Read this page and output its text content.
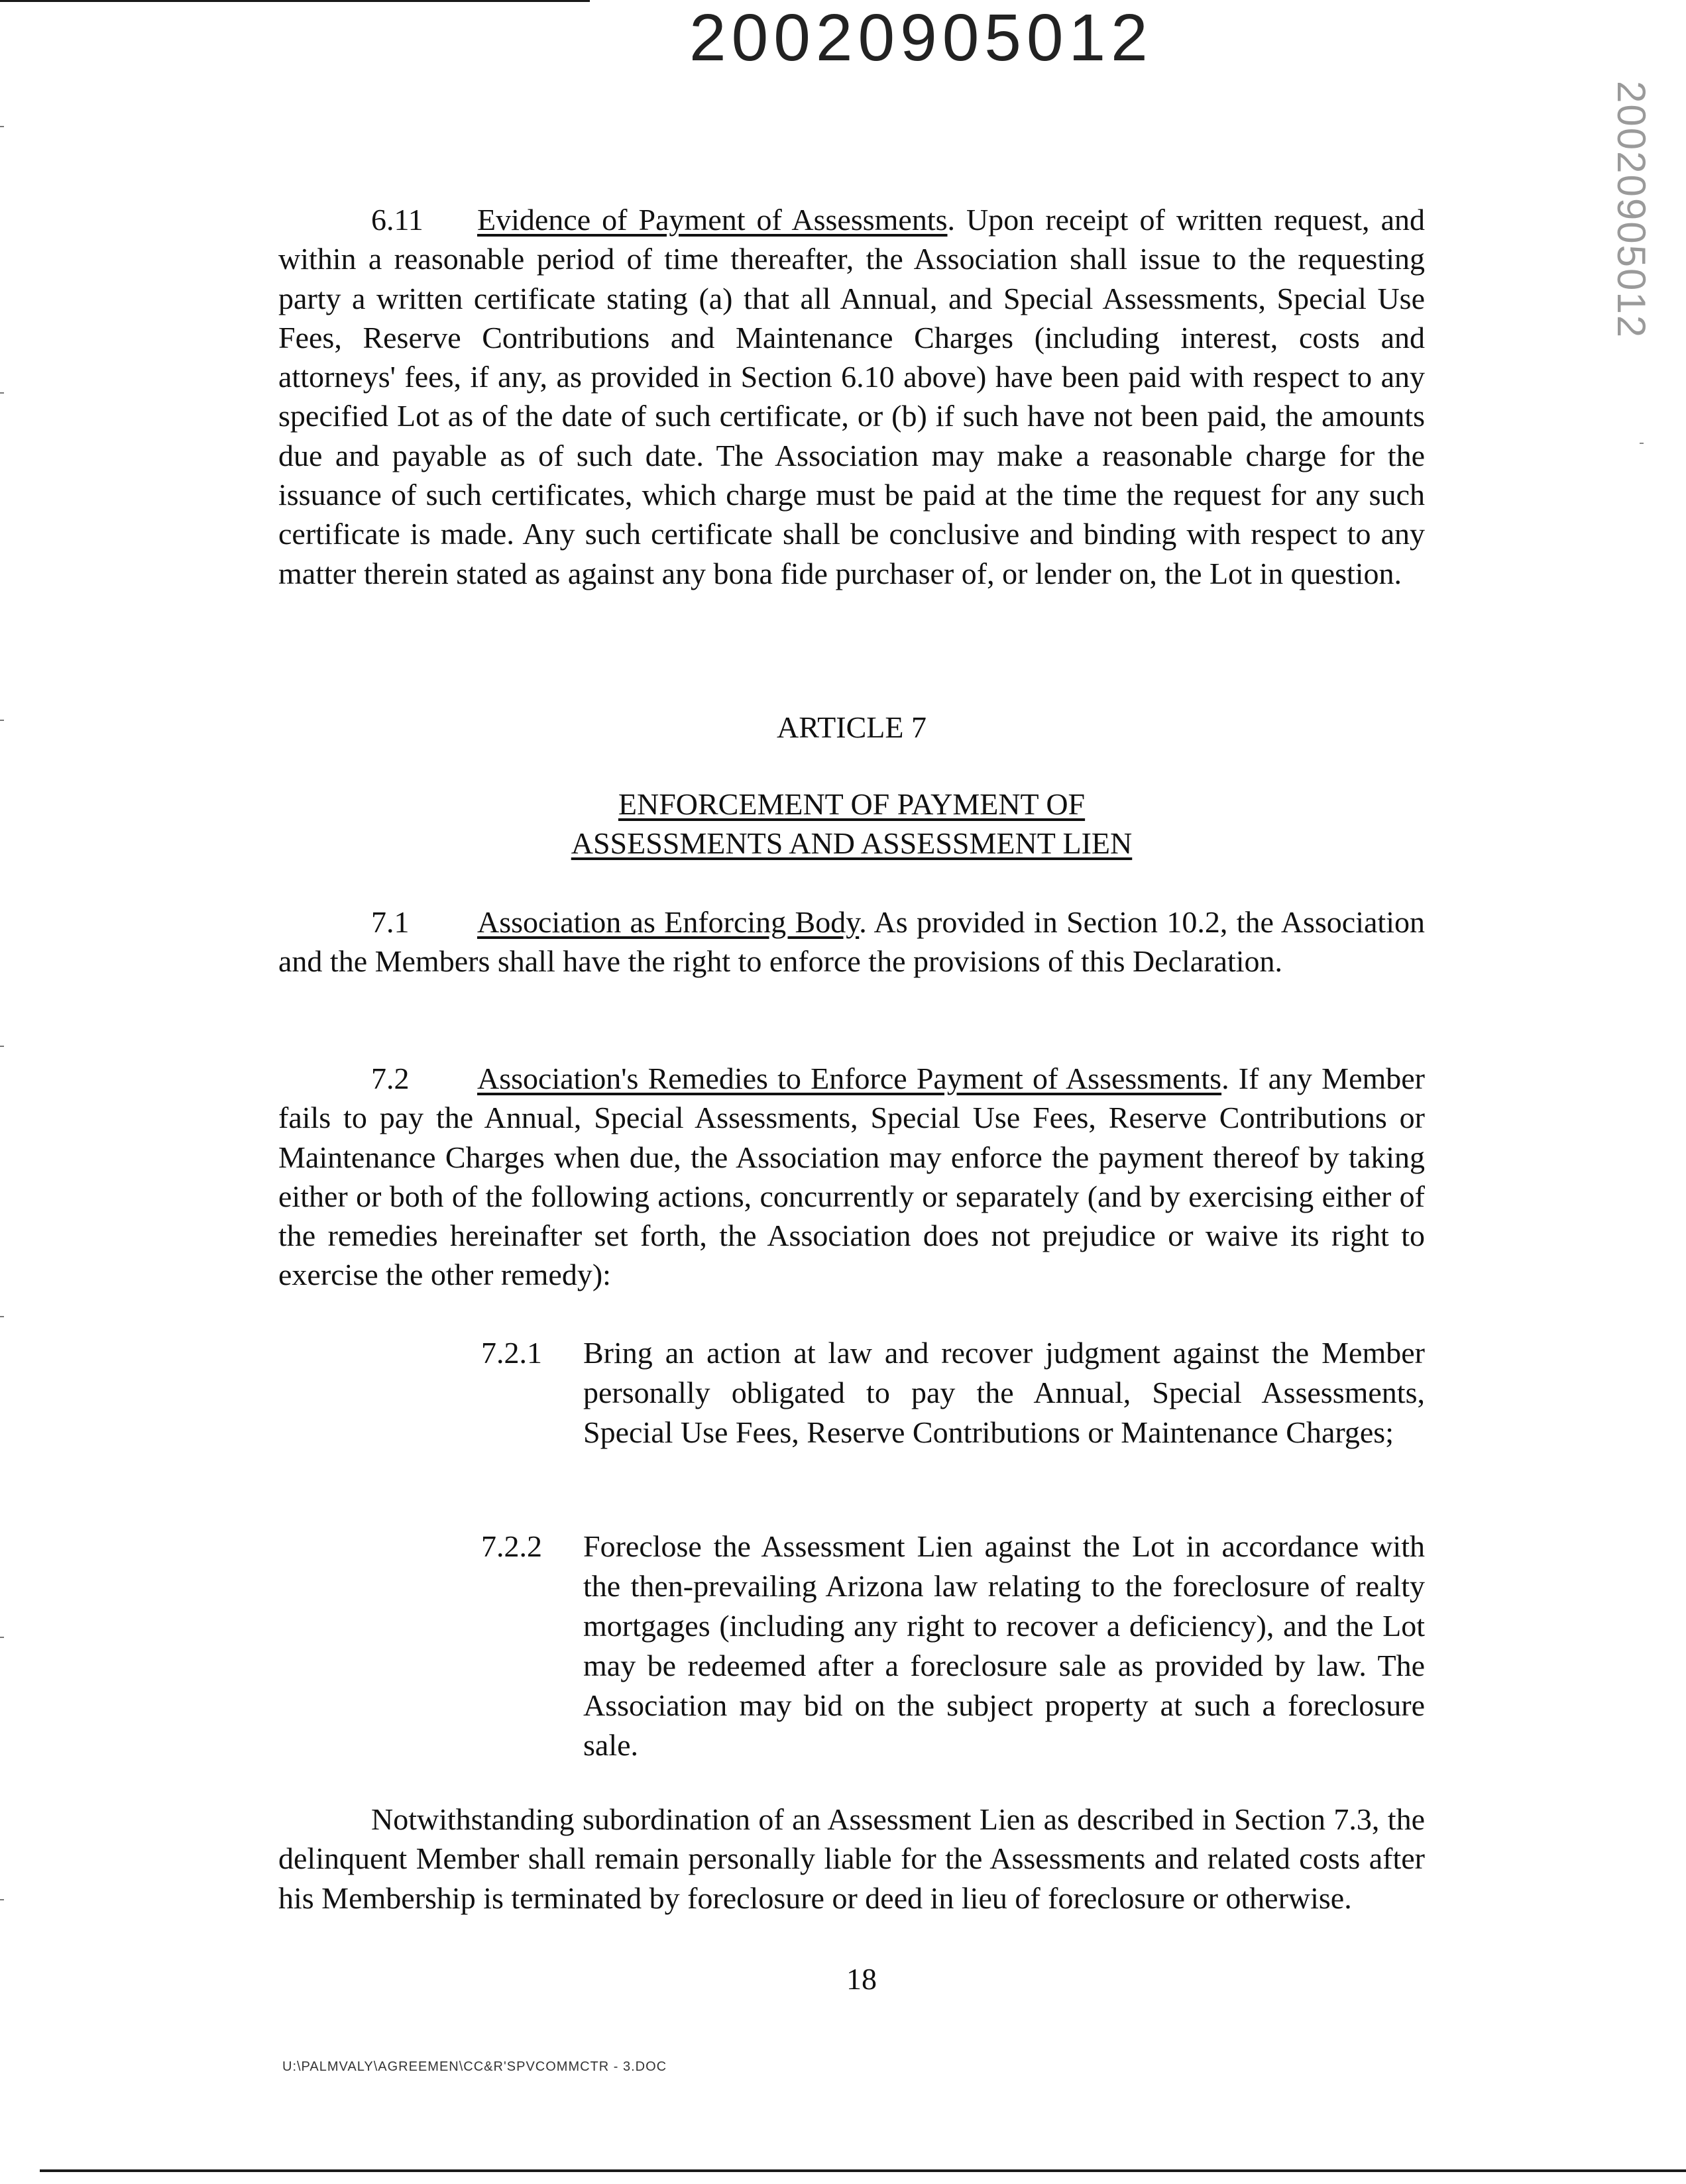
20020905012
20020905012

6.11 Evidence of Payment of Assessments. Upon receipt of written request, and within a reasonable period of time thereafter, the Association shall issue to the requesting party a written certificate stating (a) that all Annual, and Special Assessments, Special Use Fees, Reserve Contributions and Maintenance Charges (including interest, costs and attorneys' fees, if any, as provided in Section 6.10 above) have been paid with respect to any specified Lot as of the date of such certificate, or (b) if such have not been paid, the amounts due and payable as of such date. The Association may make a reasonable charge for the issuance of such certificates, which charge must be paid at the time the request for any such certificate is made. Any such certificate shall be conclusive and binding with respect to any matter therein stated as against any bona fide purchaser of, or lender on, the Lot in question.

ARTICLE 7
ENFORCEMENT OF PAYMENT OF
ASSESSMENTS AND ASSESSMENT LIEN

7.1 Association as Enforcing Body. As provided in Section 10.2, the Association and the Members shall have the right to enforce the provisions of this Declaration.

7.2 Association's Remedies to Enforce Payment of Assessments. If any Member fails to pay the Annual, Special Assessments, Special Use Fees, Reserve Contributions or Maintenance Charges when due, the Association may enforce the payment thereof by taking either or both of the following actions, concurrently or separately (and by exercising either of the remedies hereinafter set forth, the Association does not prejudice or waive its right to exercise the other remedy):

7.2.1 Bring an action at law and recover judgment against the Member personally obligated to pay the Annual, Special Assessments, Special Use Fees, Reserve Contributions or Maintenance Charges;

7.2.2 Foreclose the Assessment Lien against the Lot in accordance with the then-prevailing Arizona law relating to the foreclosure of realty mortgages (including any right to recover a deficiency), and the Lot may be redeemed after a foreclosure sale as provided by law. The Association may bid on the subject property at such a foreclosure sale.

Notwithstanding subordination of an Assessment Lien as described in Section 7.3, the delinquent Member shall remain personally liable for the Assessments and related costs after his Membership is terminated by foreclosure or deed in lieu of foreclosure or otherwise.

18
U:\PALMVALY\AGREEMEN\CC&R'SPVCOMMCTR - 3.DOC
